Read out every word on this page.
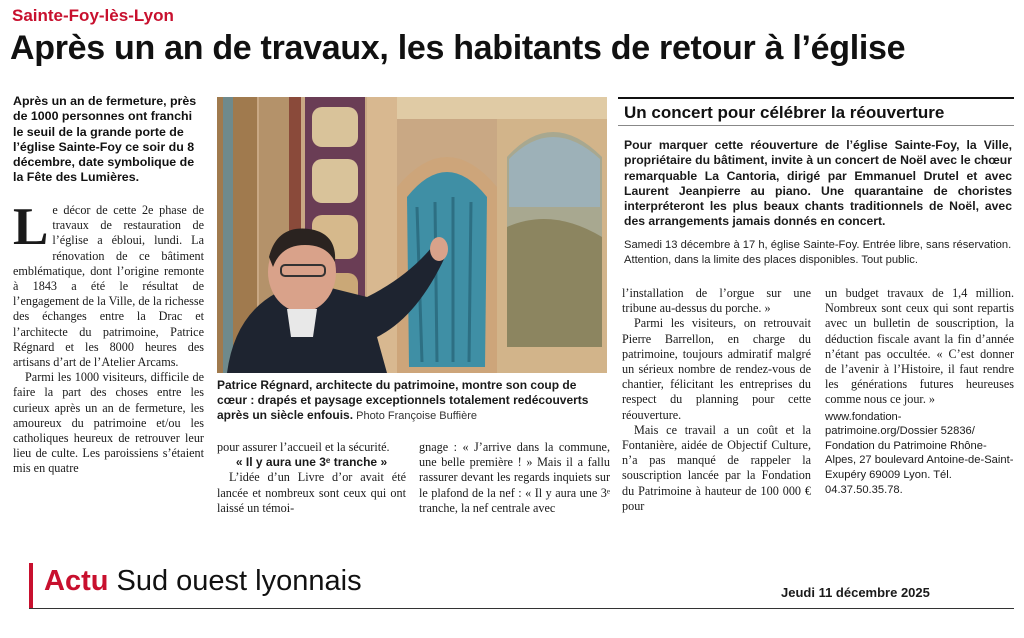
Sainte-Foy-lès-Lyon
Après un an de travaux, les habitants de retour à l’église
Après un an de fermeture, près de 1000 personnes ont franchi le seuil de la grande porte de l’église Sainte-Foy ce soir du 8 décembre, date symbolique de la Fête des Lumières.

Le décor de cette 2e phase de travaux de restauration de l’église a ébloui, lundi. La rénovation de ce bâtiment emblématique, dont l’origine remonte à 1843 a été le résultat de l’engagement de la Ville, de la richesse des échanges entre la Drac et l’architecte du patrimoine, Patrice Régnard et les 8000 heures des artisans d’art de l’Atelier Arcams.

Parmi les 1000 visiteurs, difficile de faire la part des choses entre les curieux après un an de fermeture, les amoureux du patrimoine et/ou les catholiques heureux de retrouver leur lieu de culte. Les paroissiens s’étaient mis en quatre

Patrice Régnard, architecte du patrimoine, montre son coup de cœur : drapés et paysage exceptionnels totalement redécouverts après un siècle enfouis. Photo Françoise Buffière

pour assurer l’accueil et la sécurité.

« Il y aura une 3ᵉ tranche »

L’idée d’un Livre d’or avait été lancée et nombreux sont ceux qui ont laissé un témoi-

gnage : « J’arrive dans la commune, une belle première ! » Mais il a fallu rassurer devant les regards inquiets sur le plafond de la nef : « Il y aura une 3ᵉ tranche, la nef centrale avec

Un concert pour célébrer la réouverture
Pour marquer cette réouverture de l’église Sainte-Foy, la Ville, propriétaire du bâtiment, invite à un concert de Noël avec le chœur remarquable La Cantoria, dirigé par Emmanuel Drutel et avec Laurent Jeanpierre au piano. Une quarantaine de choristes interpréteront les plus beaux chants traditionnels de Noël, avec des arrangements jamais donnés en concert.
Samedi 13 décembre à 17 h, église Sainte-Foy. Entrée libre, sans réservation. Attention, dans la limite des places disponibles. Tout public.

l’installation de l’orgue sur une tribune au-dessus du porche. »

Parmi les visiteurs, on retrouvait Pierre Barrellon, en charge du patrimoine, toujours admiratif malgré un sérieux nombre de rendez-vous de chantier, félicitant les entreprises du respect du planning pour cette réouverture.

Mais ce travail a un coût et la Fontanière, aidée de Objectif Culture, n’a pas manqué de rappeler la souscription lancée par la Fondation du Patrimoine à hauteur de 100 000 € pour

un budget travaux de 1,4 million. Nombreux sont ceux qui sont repartis avec un bulletin de souscription, la déduction fiscale avant la fin d’année n’étant pas occultée. « C’est donner de l’avenir à l’Histoire, il faut rendre les générations futures heureuses comme nous ce jour. »

www.fondation-patrimoine.org/Dossier 52836/ Fondation du Patrimoine Rhône-Alpes, 27 boulevard Antoine-de-Saint-Exupéry 69009 Lyon. Tél. 04.37.50.35.78.

Actu Sud ouest lyonnais	Jeudi 11 décembre 2025
